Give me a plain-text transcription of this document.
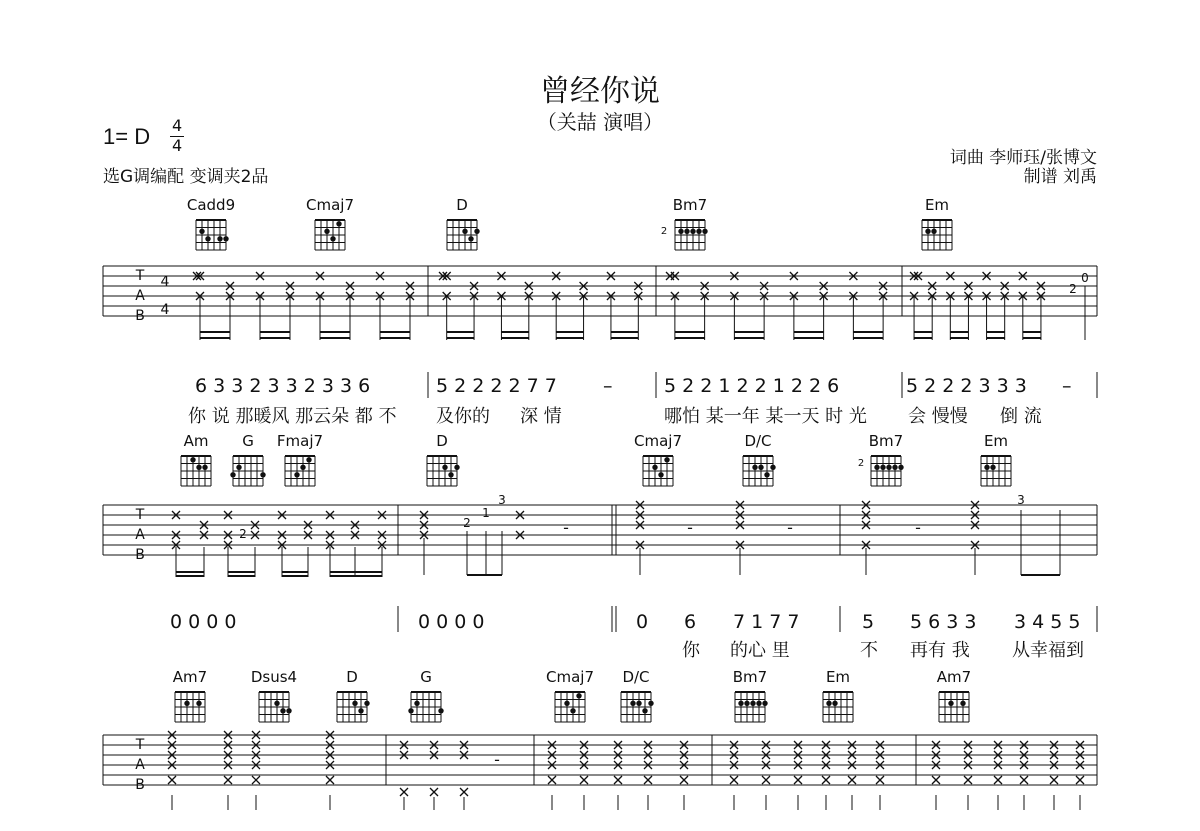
曾经你说
（关喆 演唱）
1= D 4
4
选G调编配 变调夹2品
词曲 李师珏/张博文
制谱 刘禹
Cadd9	Cmaj7	D	Bm7	Em
2
T
A
B
4
4
0
2
6 3 3 2 3 3 2 3 3 6	5 2 2 2 2 7 7 –	5 2 2 1 2 2 1 2 2 6	5 2 2 2 3 3 3 –
你 说 那暖风 那云朵 都 不 及你的 深 情	哪怕 某一年 某一天 时 光 会 慢慢 倒 流
Am G Fmaj7	D	Cmaj7	D/C	Bm7	Em
2
T
A
B
2
2
1
3
-	-	-	-
3
0 0 0 0	0 0 0 0	0 6 7 1 7 7	5 5 6 3 3 3 4 5 5
你 的心 里	不 再有 我 从幸福到
Am7	Dsus4	D	G	Cmaj7 D/C	Bm7	Em	Am7
T
A
B
-
